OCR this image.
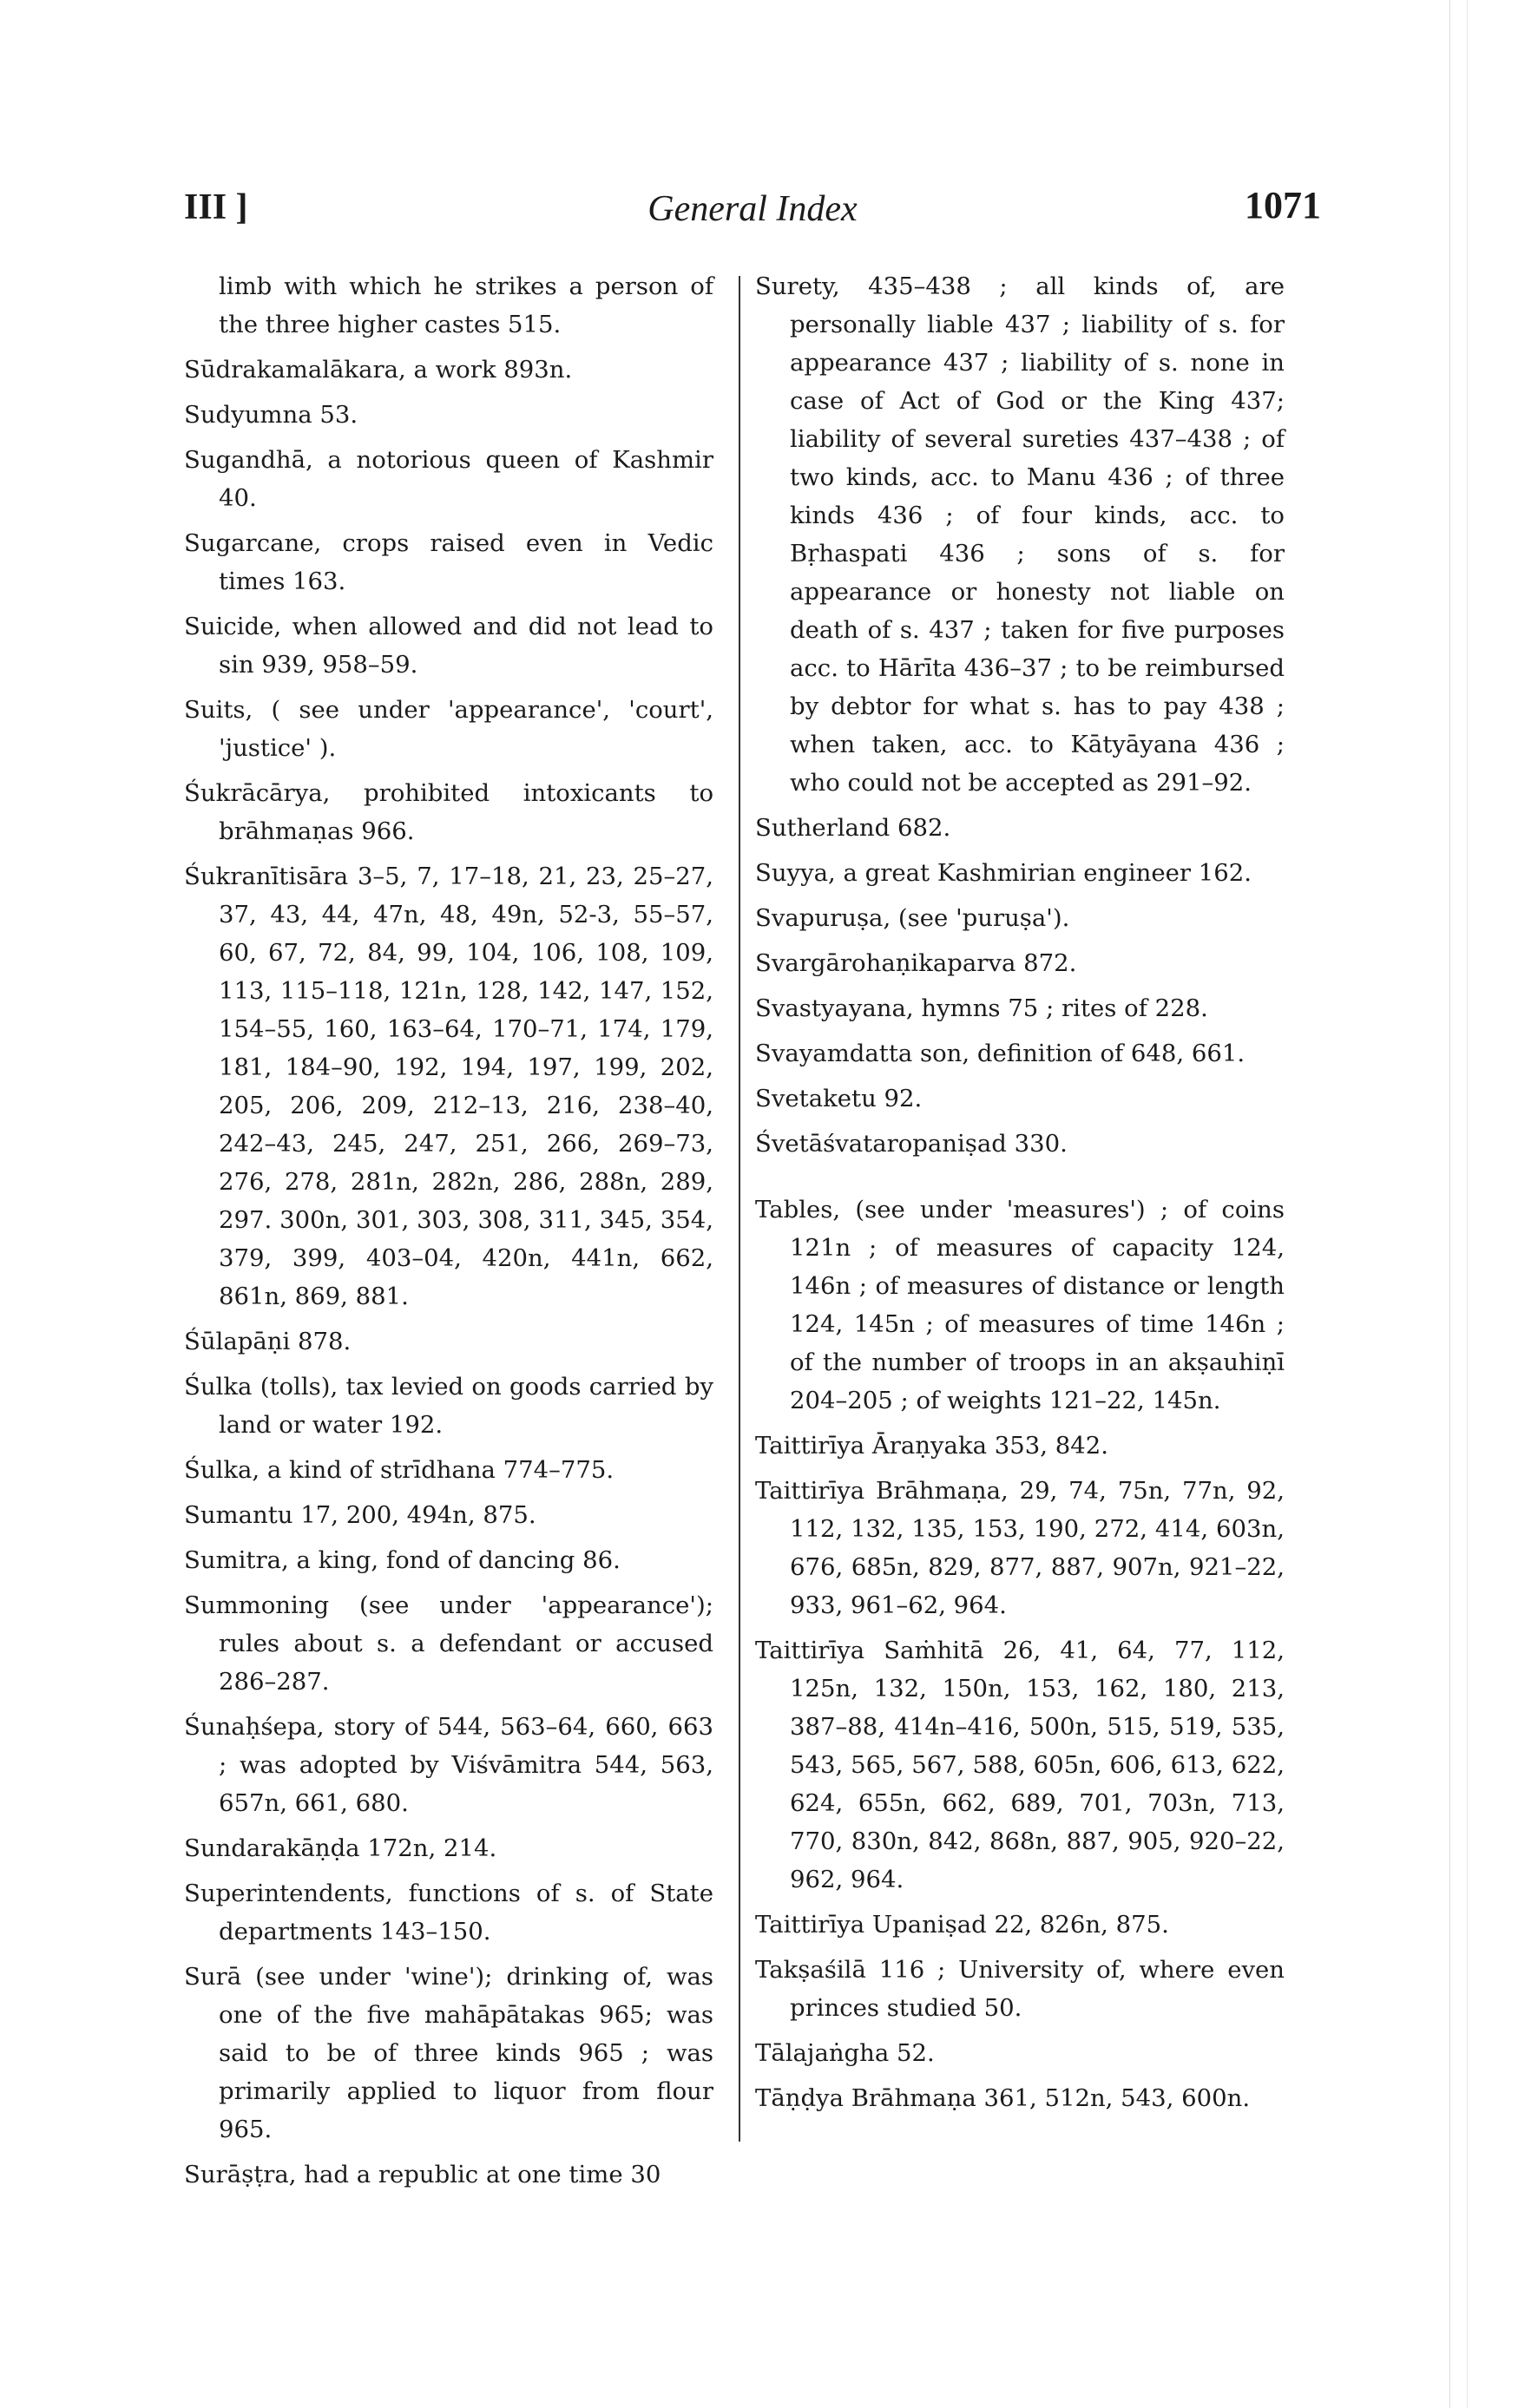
III ]	General Index	1071
limb with which he strikes a person of the three higher castes 515.
Sūdrakamalākara, a work 893n.
Sudyumna 53.
Sugandhā, a notorious queen of Kashmir 40.
Sugarcane, crops raised even in Vedic times 163.
Suicide, when allowed and did not lead to sin 939, 958–59.
Suits, ( see under 'appearance', 'court', 'justice' ).
Śukrācārya, prohibited intoxicants to brāhmaṇas 966.
Śukranītisāra 3–5, 7, 17–18, 21, 23, 25–27, 37, 43, 44, 47n, 48, 49n, 52-3, 55–57, 60, 67, 72, 84, 99, 104, 106, 108, 109, 113, 115–118, 121n, 128, 142, 147, 152, 154–55, 160, 163–64, 170–71, 174, 179, 181, 184–90, 192, 194, 197, 199, 202, 205, 206, 209, 212–13, 216, 238–40, 242–43, 245, 247, 251, 266, 269–73, 276, 278, 281n, 282n, 286, 288n, 289, 297. 300n, 301, 303, 308, 311, 345, 354, 379, 399, 403–04, 420n, 441n, 662, 861n, 869, 881.
Śūlapāṇi 878.
Śulka (tolls), tax levied on goods carried by land or water 192.
Śulka, a kind of strīdhana 774–775.
Sumantu 17, 200, 494n, 875.
Sumitra, a king, fond of dancing 86.
Summoning (see under 'appearance'); rules about s. a defendant or accused 286–287.
Śunaḥśepa, story of 544, 563–64, 660, 663 ; was adopted by Viśvāmitra 544, 563, 657n, 661, 680.
Sundarakāṇḍa 172n, 214.
Superintendents, functions of s. of State departments 143–150.
Surā (see under 'wine'); drinking of, was one of the five mahāpātakas 965; was said to be of three kinds 965 ; was primarily applied to liquor from flour 965.
Surāṣṭra, had a republic at one time 30
Surety, 435–438 ; all kinds of, are personally liable 437 ; liability of s. for appearance 437 ; liability of s. none in case of Act of God or the King 437; liability of several sureties 437–438 ; of two kinds, acc. to Manu 436 ; of three kinds 436 ; of four kinds, acc. to Bṛhaspati 436 ; sons of s. for appearance or honesty not liable on death of s. 437 ; taken for five purposes acc. to Hārīta 436–37 ; to be reimbursed by debtor for what s. has to pay 438 ; when taken, acc. to Kātyāyana 436 ; who could not be accepted as 291–92.
Sutherland 682.
Suyya, a great Kashmirian engineer 162.
Svapuruṣa, (see 'puruṣa').
Svargārohaṇikaparva 872.
Svastyayana, hymns 75 ; rites of 228.
Svayamdatta son, definition of 648, 661.
Svetaketu 92.
Śvetāśvataropaniṣad 330.
Tables, (see under 'measures') ; of coins 121n ; of measures of capacity 124, 146n ; of measures of distance or length 124, 145n ; of measures of time 146n ; of the number of troops in an akṣauhiṇī 204–205 ; of weights 121–22, 145n.
Taittirīya Āraṇyaka 353, 842.
Taittirīya Brāhmaṇa, 29, 74, 75n, 77n, 92, 112, 132, 135, 153, 190, 272, 414, 603n, 676, 685n, 829, 877, 887, 907n, 921–22, 933, 961–62, 964.
Taittirīya Saṁhitā 26, 41, 64, 77, 112, 125n, 132, 150n, 153, 162, 180, 213, 387–88, 414n–416, 500n, 515, 519, 535, 543, 565, 567, 588, 605n, 606, 613, 622, 624, 655n, 662, 689, 701, 703n, 713, 770, 830n, 842, 868n, 887, 905, 920–22, 962, 964.
Taittirīya Upaniṣad 22, 826n, 875.
Takṣaśilā 116 ; University of, where even princes studied 50.
Tālajaṅgha 52.
Tāṇḍya Brāhmaṇa 361, 512n, 543, 600n.
